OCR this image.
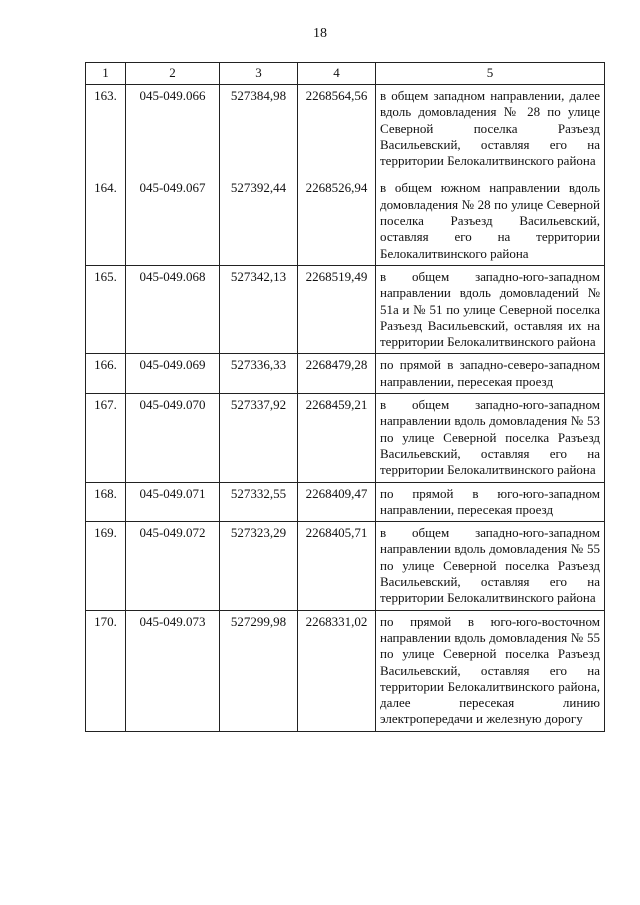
18
1	2	3	4	5
163.	045-049.066	527384,98	2268564,56	в общем западном направлении, далее вдоль домовладения № 28 по улице Северной поселка Разъезд Васильевский, оставляя его на территории Белокалитвинского района
164.	045-049.067	527392,44	2268526,94	в общем южном направлении вдоль домовладения № 28 по улице Северной поселка Разъезд Васильевский, оставляя его на территории Белокалитвинского района
165.	045-049.068	527342,13	2268519,49	в общем западно-юго-западном направлении вдоль домовладений № 51а и № 51 по улице Северной поселка Разъезд Васильевский, оставляя их на территории Белокалитвинского района
166.	045-049.069	527336,33	2268479,28	по прямой в западно-северо-западном направлении, пересекая проезд
167.	045-049.070	527337,92	2268459,21	в общем западно-юго-западном направлении вдоль домовладения № 53 по улице Северной поселка Разъезд Васильевский, оставляя его на территории Белокалитвинского района
168.	045-049.071	527332,55	2268409,47	по прямой в юго-юго-западном направлении, пересекая проезд
169.	045-049.072	527323,29	2268405,71	в общем западно-юго-западном направлении вдоль домовладения № 55 по улице Северной поселка Разъезд Васильевский, оставляя его на территории Белокалитвинского района
170.	045-049.073	527299,98	2268331,02	по прямой в юго-юго-восточном направлении вдоль домовладения № 55 по улице Северной поселка Разъезд Васильевский, оставляя его на территории Белокалитвинского района, далее пересекая линию электропередачи и железную дорогу
